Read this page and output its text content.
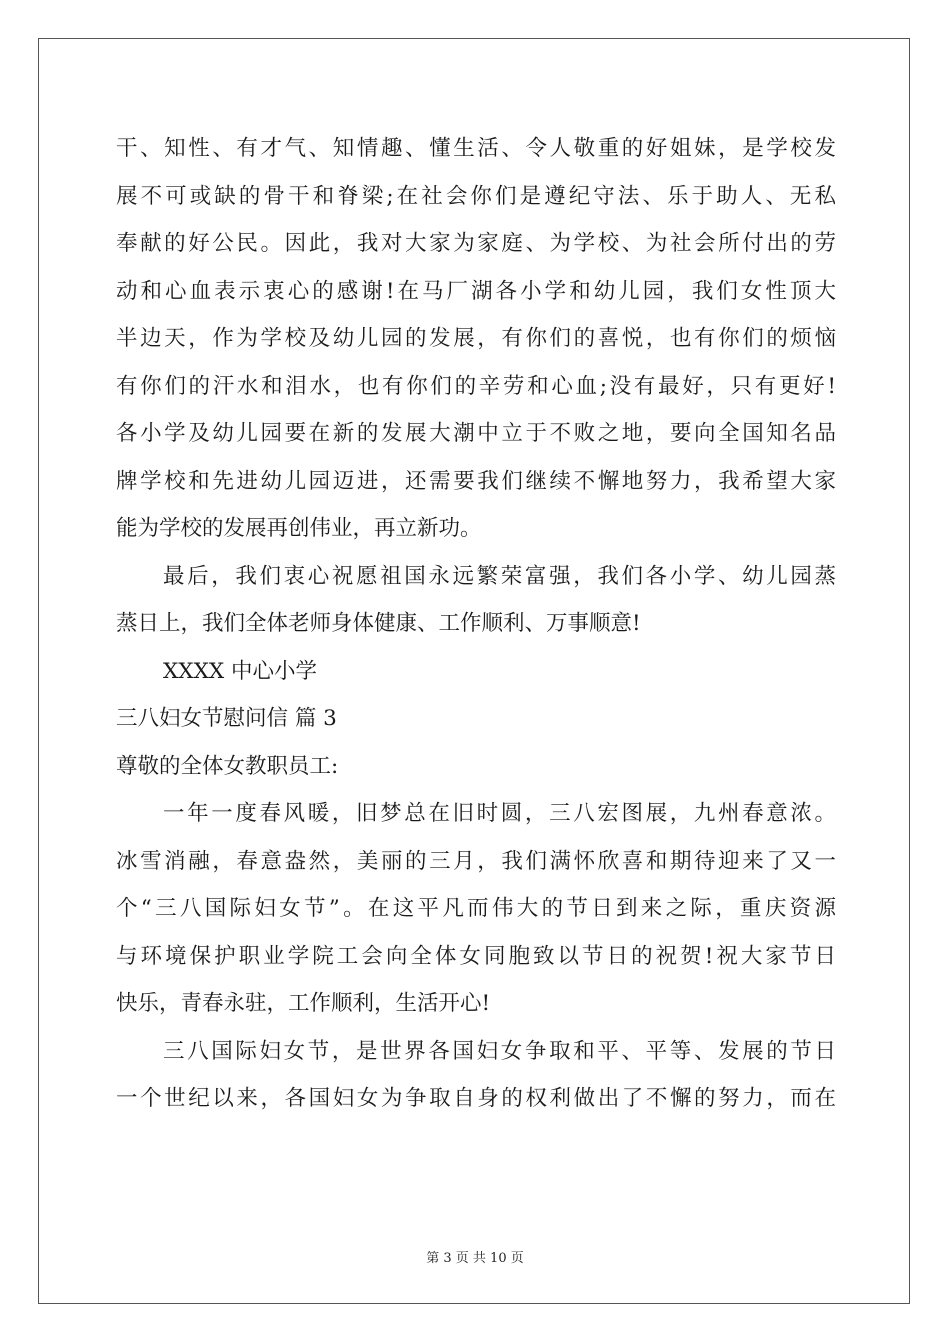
干、知性、有才气、知情趣、懂生活、令人敬重的好姐妹，是学校发
展不可或缺的骨干和脊梁;在社会你们是遵纪守法、乐于助人、无私
奉献的好公民。因此，我对大家为家庭、为学校、为社会所付出的劳
动和心血表示衷心的感谢!在马厂湖各小学和幼儿园，我们女性顶大
半边天，作为学校及幼儿园的发展，有你们的喜悦，也有你们的烦恼
有你们的汗水和泪水，也有你们的辛劳和心血;没有最好，只有更好!
各小学及幼儿园要在新的发展大潮中立于不败之地，要向全国知名品
牌学校和先进幼儿园迈进，还需要我们继续不懈地努力，我希望大家
能为学校的发展再创伟业，再立新功。
最后，我们衷心祝愿祖国永远繁荣富强，我们各小学、幼儿园蒸
蒸日上，我们全体老师身体健康、工作顺利、万事顺意!
XXXX 中心小学
三八妇女节慰问信 篇 3
尊敬的全体女教职员工:
一年一度春风暖，旧梦总在旧时圆，三八宏图展，九州春意浓。
冰雪消融，春意盎然，美丽的三月，我们满怀欣喜和期待迎来了又一
个“三八国际妇女节”。在这平凡而伟大的节日到来之际，重庆资源
与环境保护职业学院工会向全体女同胞致以节日的祝贺!祝大家节日
快乐，青春永驻，工作顺利，生活开心!
三八国际妇女节，是世界各国妇女争取和平、平等、发展的节日
一个世纪以来，各国妇女为争取自身的权利做出了不懈的努力，而在
第 3 页 共 10 页
